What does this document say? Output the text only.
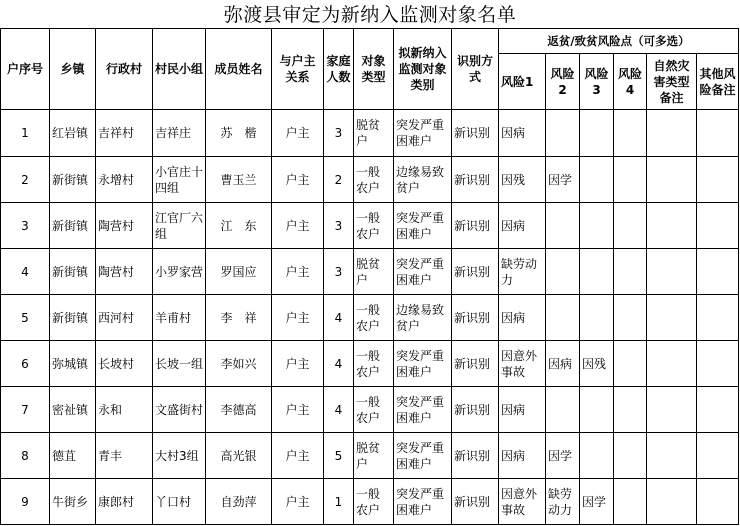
弥渡县审定为新纳入监测对象名单
户序号	乡镇	行政村	村民小组	成员姓名	与户主关系	家庭人数	对象类型	拟新纳入监测对象类别	识别方式	返贫/致贫风险点（可多选）					
										风险1	风险2	风险3	风险4	自然灾害类型备注	其他风险备注
1	红岩镇	吉祥村	吉祥庄	苏　楷	户主	3	脱贫户	突发严重困难户	新识别	因病					
2	新街镇	永增村	小官庄十四组	曹玉兰	户主	2	一般农户	边缘易致贫户	新识别	因残	因学				
3	新街镇	陶营村	江官厂六组	江　东	户主	3	一般农户	突发严重困难户	新识别	因病					
4	新街镇	陶营村	小罗家营	罗国应	户主	3	脱贫户	突发严重困难户	新识别	缺劳动力					
5	新街镇	西河村	羊甫村	李　祥	户主	4	一般农户	边缘易致贫户	新识别	因病					
6	弥城镇	长坡村	长坡一组	李如兴	户主	4	一般农户	突发严重困难户	新识别	因意外事故	因病	因残			
7	密祉镇	永和	文盛街村	李德高	户主	4	一般农户	突发严重困难户	新识别	因病					
8	德苴	青丰	大村3组	高光银	户主	5	脱贫户	突发严重困难户	新识别	因病	因学				
9	牛街乡	康郎村	丫口村	自劲萍	户主	1	一般农户	突发严重困难户	新识别	因意外事故	缺劳动力	因学			
